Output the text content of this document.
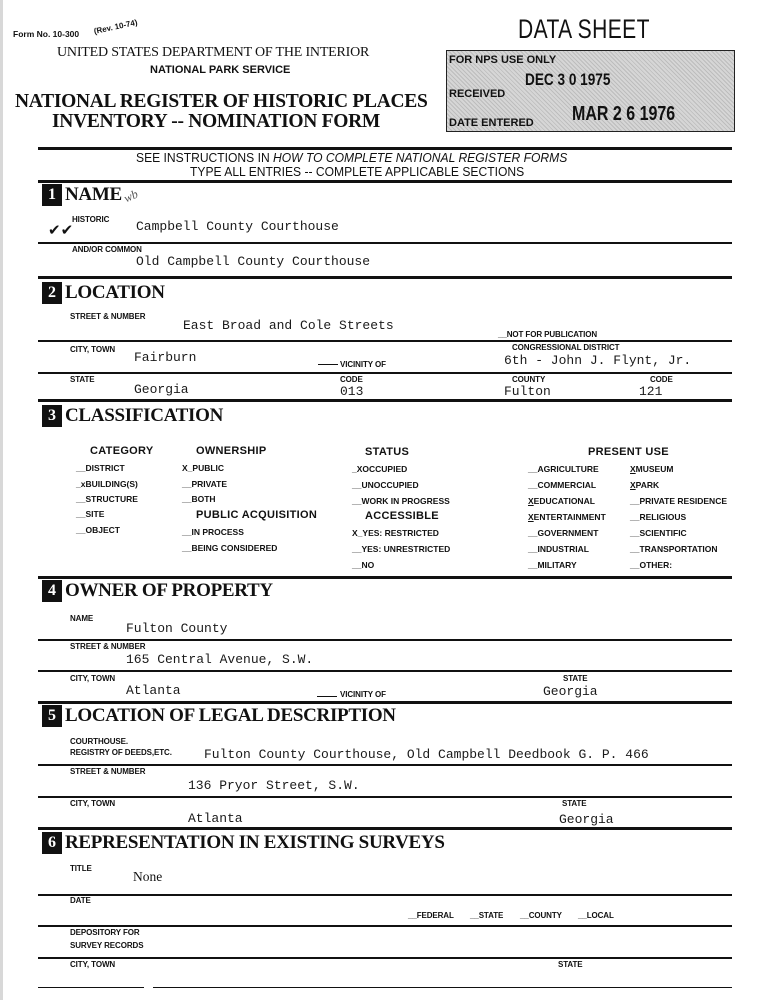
Form No. 10-300 (Rev. 10-74)
UNITED STATES DEPARTMENT OF THE INTERIOR
NATIONAL PARK SERVICE
NATIONAL REGISTER OF HISTORIC PLACES
INVENTORY -- NOMINATION FORM
DATA SHEET
FOR NPS USE ONLY
DEC 3 0 1975
RECEIVED
MAR 2 6 1976
DATE ENTERED
SEE INSTRUCTIONS IN HOW TO COMPLETE NATIONAL REGISTER FORMS
TYPE ALL ENTRIES -- COMPLETE APPLICABLE SECTIONS
1 NAME wb
HISTORIC
✔✔	Campbell County Courthouse
AND/OR COMMON
Old Campbell County Courthouse
2 LOCATION
STREET & NUMBER
East Broad and Cole Streets
__NOT FOR PUBLICATION
CITY, TOWN
Fairburn	VICINITY OF
CONGRESSIONAL DISTRICT
6th - John J. Flynt, Jr.
STATE
Georgia
CODE
013
COUNTY
Fulton
CODE
121
3 CLASSIFICATION
CATEGORY
__DISTRICT
_xBUILDING(S)
__STRUCTURE
__SITE
__OBJECT
OWNERSHIP
X_PUBLIC
__PRIVATE
__BOTH
PUBLIC ACQUISITION
__IN PROCESS
__BEING CONSIDERED
STATUS
_XOCCUPIED
__UNOCCUPIED
__WORK IN PROGRESS
ACCESSIBLE
X_YES: RESTRICTED
__YES: UNRESTRICTED
__NO
PRESENT USE
__AGRICULTURE
__COMMERCIAL
XEDUCATIONAL
XENTERTAINMENT
__GOVERNMENT
__INDUSTRIAL
__MILITARY
XMUSEUM
XPARK
__PRIVATE RESIDENCE
__RELIGIOUS
__SCIENTIFIC
__TRANSPORTATION
__OTHER:
4 OWNER OF PROPERTY
NAME
Fulton County
STREET & NUMBER
165 Central Avenue, S.W.
CITY, TOWN
Atlanta	VICINITY OF
STATE
Georgia
5 LOCATION OF LEGAL DESCRIPTION
COURTHOUSE.
REGISTRY OF DEEDS,ETC. Fulton County Courthouse, Old Campbell Deedbook G. P. 466
STREET & NUMBER
136 Pryor Street, S.W.
CITY, TOWN
Atlanta
STATE
Georgia
6 REPRESENTATION IN EXISTING SURVEYS
TITLE
None
DATE
__FEDERAL __STATE __COUNTY __LOCAL
DEPOSITORY FOR
SURVEY RECORDS
CITY, TOWN	STATE
